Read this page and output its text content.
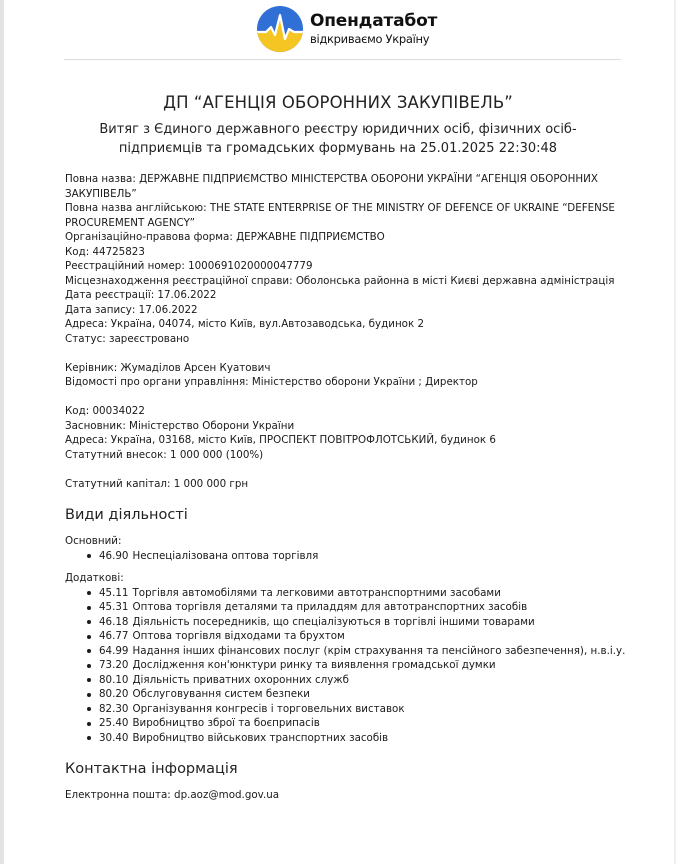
Опендатабот
відкриваємо Україну
ДП “АГЕНЦІЯ ОБОРОННИХ ЗАКУПІВЕЛЬ”
Витяг з Єдиного державного реєстру юридичних осіб, фізичних осіб-підприємців та громадських формувань на 25.01.2025 22:30:48

Повна назва: ДЕРЖАВНЕ ПІДПРИЄМСТВО МІНІСТЕРСТВА ОБОРОНИ УКРАЇНИ “АГЕНЦІЯ ОБОРОННИХ ЗАКУПІВЕЛЬ”

Повна назва англійською: THE STATE ENTERPRISE OF THE MINISTRY OF DEFENCE OF UKRAINE “DEFENSE PROCUREMENT AGENCY”

Організаційно-правова форма: ДЕРЖАВНЕ ПІДПРИЄМСТВО

Код: 44725823

Реєстраційний номер: 1000691020000047779

Місцезнаходження реєстраційної справи: Оболонська районна в місті Києві державна адміністрація

Дата реєстрації: 17.06.2022

Дата запису: 17.06.2022

Адреса: Україна, 04074, місто Київ, вул.Автозаводська, будинок 2

Статус: зареєстровано

Керівник: Жумаділов Арсен Куатович

Відомості про органи управління: Міністерство оборони України ; Директор

Код: 00034022

Засновник: Міністерство Оборони України

Адреса: Україна, 03168, місто Київ, ПРОСПЕКТ ПОВІТРОФЛОТСЬКИЙ, будинок 6

Статутний внесок: 1 000 000 (100%)

Статутний капітал: 1 000 000 грн

Види діяльності

Основний:

46.90 Неспеціалізована оптова торгівля

Додаткові:

45.11 Торгівля автомобілями та легковими автотранспортними засобами
45.31 Оптова торгівля деталями та приладдям для автотранспортних засобів
46.18 Діяльність посередників, що спеціалізуються в торгівлі іншими товарами
46.77 Оптова торгівля відходами та брухтом
64.99 Надання інших фінансових послуг (крім страхування та пенсійного забезпечення), н.в.і.у.
73.20 Дослідження кон'юнктури ринку та виявлення громадської думки
80.10 Діяльність приватних охоронних служб
80.20 Обслуговування систем безпеки
82.30 Організування конгресів і торговельних виставок
25.40 Виробництво зброї та боєприпасів
30.40 Виробництво військових транспортних засобів
Контактна інформація

Електронна пошта: dp.aoz@mod.gov.ua
